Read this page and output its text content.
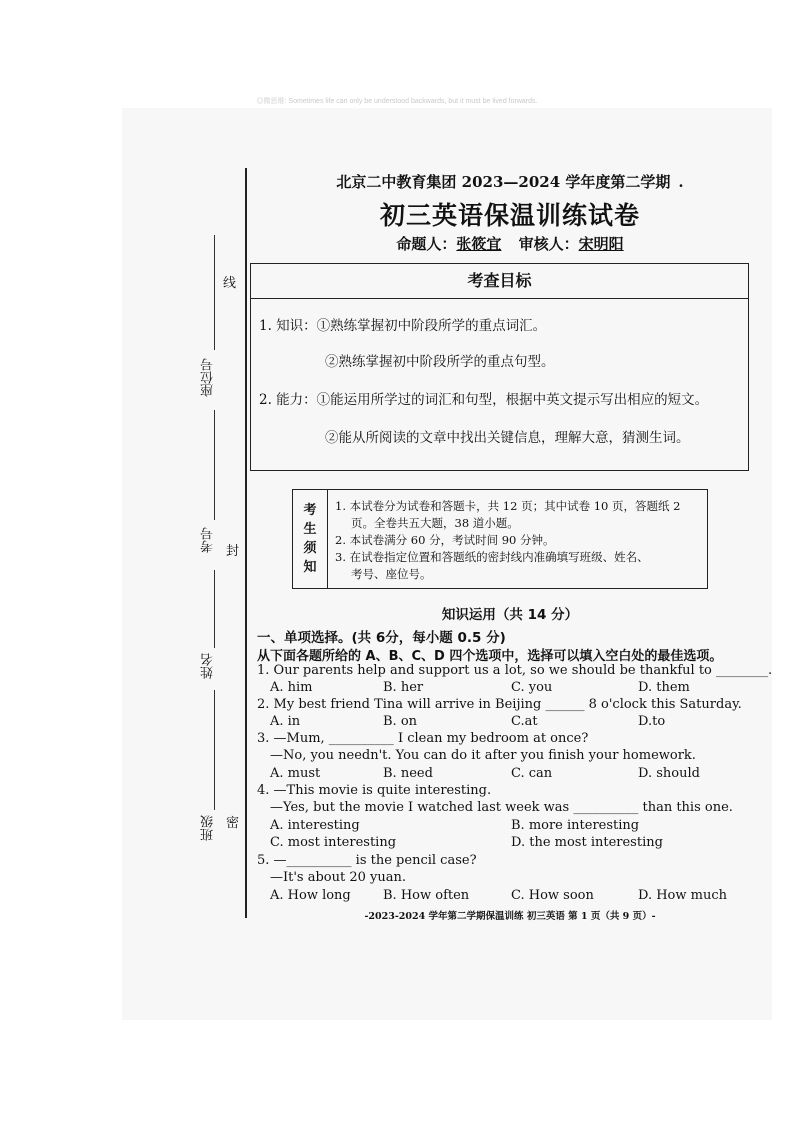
◎微思维: Sometimes life can only be understood backwards, but it must be lived forwards.
线
封
密
座位号
考号
姓名
班级
北京二中教育集团 2023—2024 学年度第二学期 .
初三英语保温训练试卷
命题人：张筱宜 审核人：宋明阳
考查目标
1. 知识：①熟练掌握初中阶段所学的重点词汇。
②熟练掌握初中阶段所学的重点句型。
2. 能力：①能运用所学过的词汇和句型，根据中英文提示写出相应的短文。
②能从所阅读的文章中找出关键信息，理解大意，猜测生词。
考
生
须
知
1. 本试卷分为试卷和答题卡，共 12 页；其中试卷 10 页，答题纸 2
页。全卷共五大题，38 道小题。
2. 本试卷满分 60 分，考试时间 90 分钟。
3. 在试卷指定位置和答题纸的密封线内准确填写班级、姓名、
考号、座位号。
知识运用（共 14 分）
一、单项选择。(共 6分，每小题 0.5 分)
从下面各题所给的 A、B、C、D 四个选项中，选择可以填入空白处的最佳选项。
1. Our parents help and support us a lot, so we should be thankful to ________.
A. him	B. her	C. you	D. them
2. My best friend Tina will arrive in Beijing ______ 8 o'clock this Saturday.
A. in	B. on	C.at	D.to
3. —Mum, __________ I clean my bedroom at once?
—No, you needn't. You can do it after you finish your homework.
A. must	B. need	C. can	D. should
4. —This movie is quite interesting.
—Yes, but the movie I watched last week was __________ than this one.
A. interesting	B. more interesting
C. most interesting	D. the most interesting
5. —__________ is the pencil case?
—It's about 20 yuan.
A. How long B. How often	C. How soon	D. How much
-2023-2024 学年第二学期保温训练 初三英语 第 1 页（共 9 页）-
